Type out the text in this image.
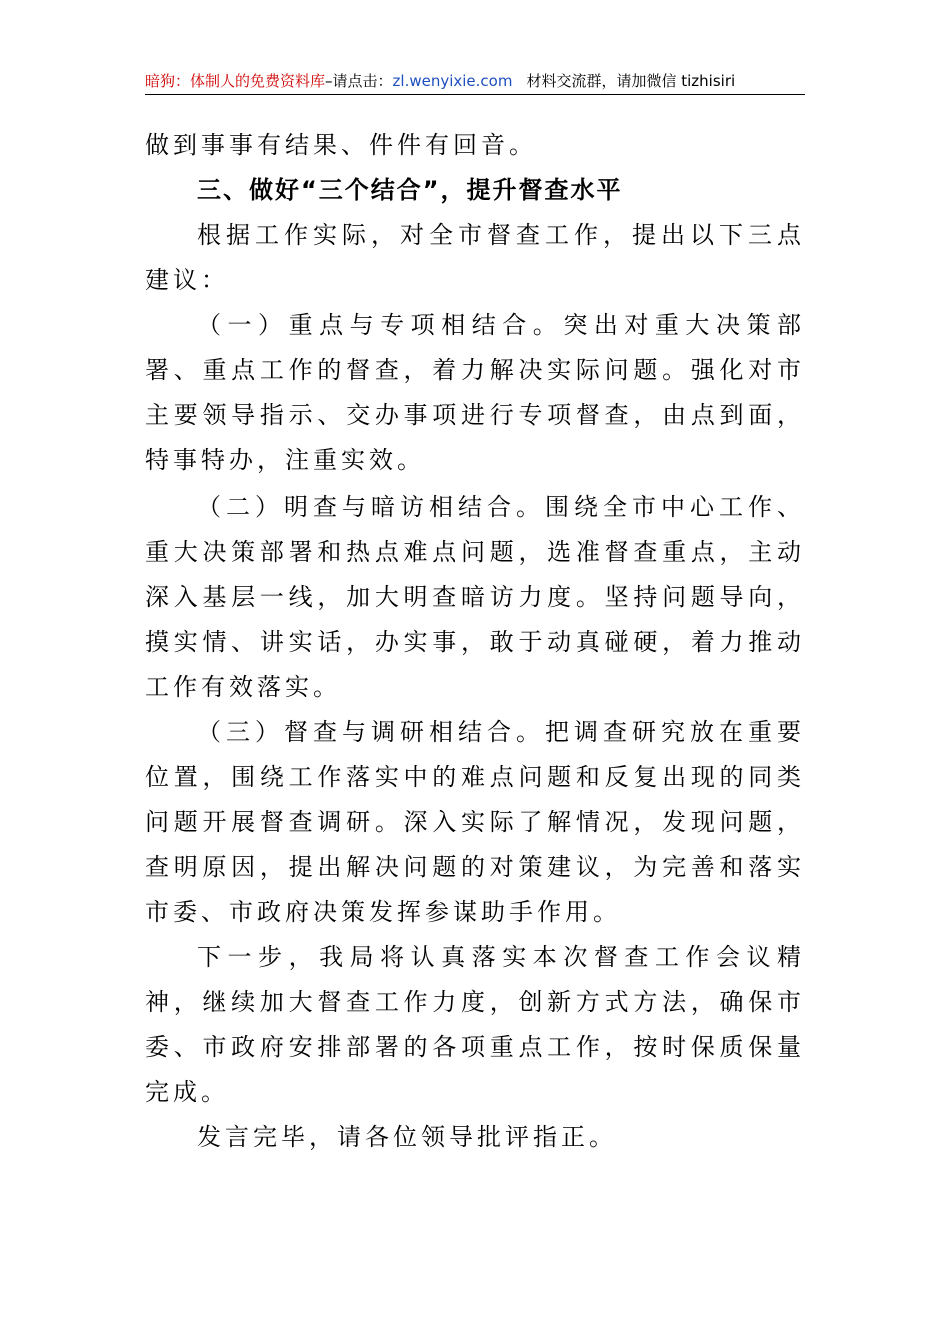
暗狗：体制人的免费资料库–请点击：zl.wenyixie.com 材料交流群，请加微信 tizhisiri

做到事事有结果、件件有回音。

三、做好“三个结合”，提升督查水平

根据工作实际，对全市督查工作，提出以下三点建议：

（一）重点与专项相结合。突出对重大决策部署、重点工作的督查，着力解决实际问题。强化对市主要领导指示、交办事项进行专项督查，由点到面，特事特办，注重实效。

（二）明查与暗访相结合。围绕全市中心工作、重大决策部署和热点难点问题，选准督查重点，主动深入基层一线，加大明查暗访力度。坚持问题导向，摸实情、讲实话，办实事，敢于动真碰硬，着力推动工作有效落实。

（三）督查与调研相结合。把调查研究放在重要位置，围绕工作落实中的难点问题和反复出现的同类问题开展督查调研。深入实际了解情况，发现问题，查明原因，提出解决问题的对策建议，为完善和落实市委、市政府决策发挥参谋助手作用。

下一步，我局将认真落实本次督查工作会议精神，继续加大督查工作力度，创新方式方法，确保市委、市政府安排部署的各项重点工作，按时保质保量完成。

发言完毕，请各位领导批评指正。
